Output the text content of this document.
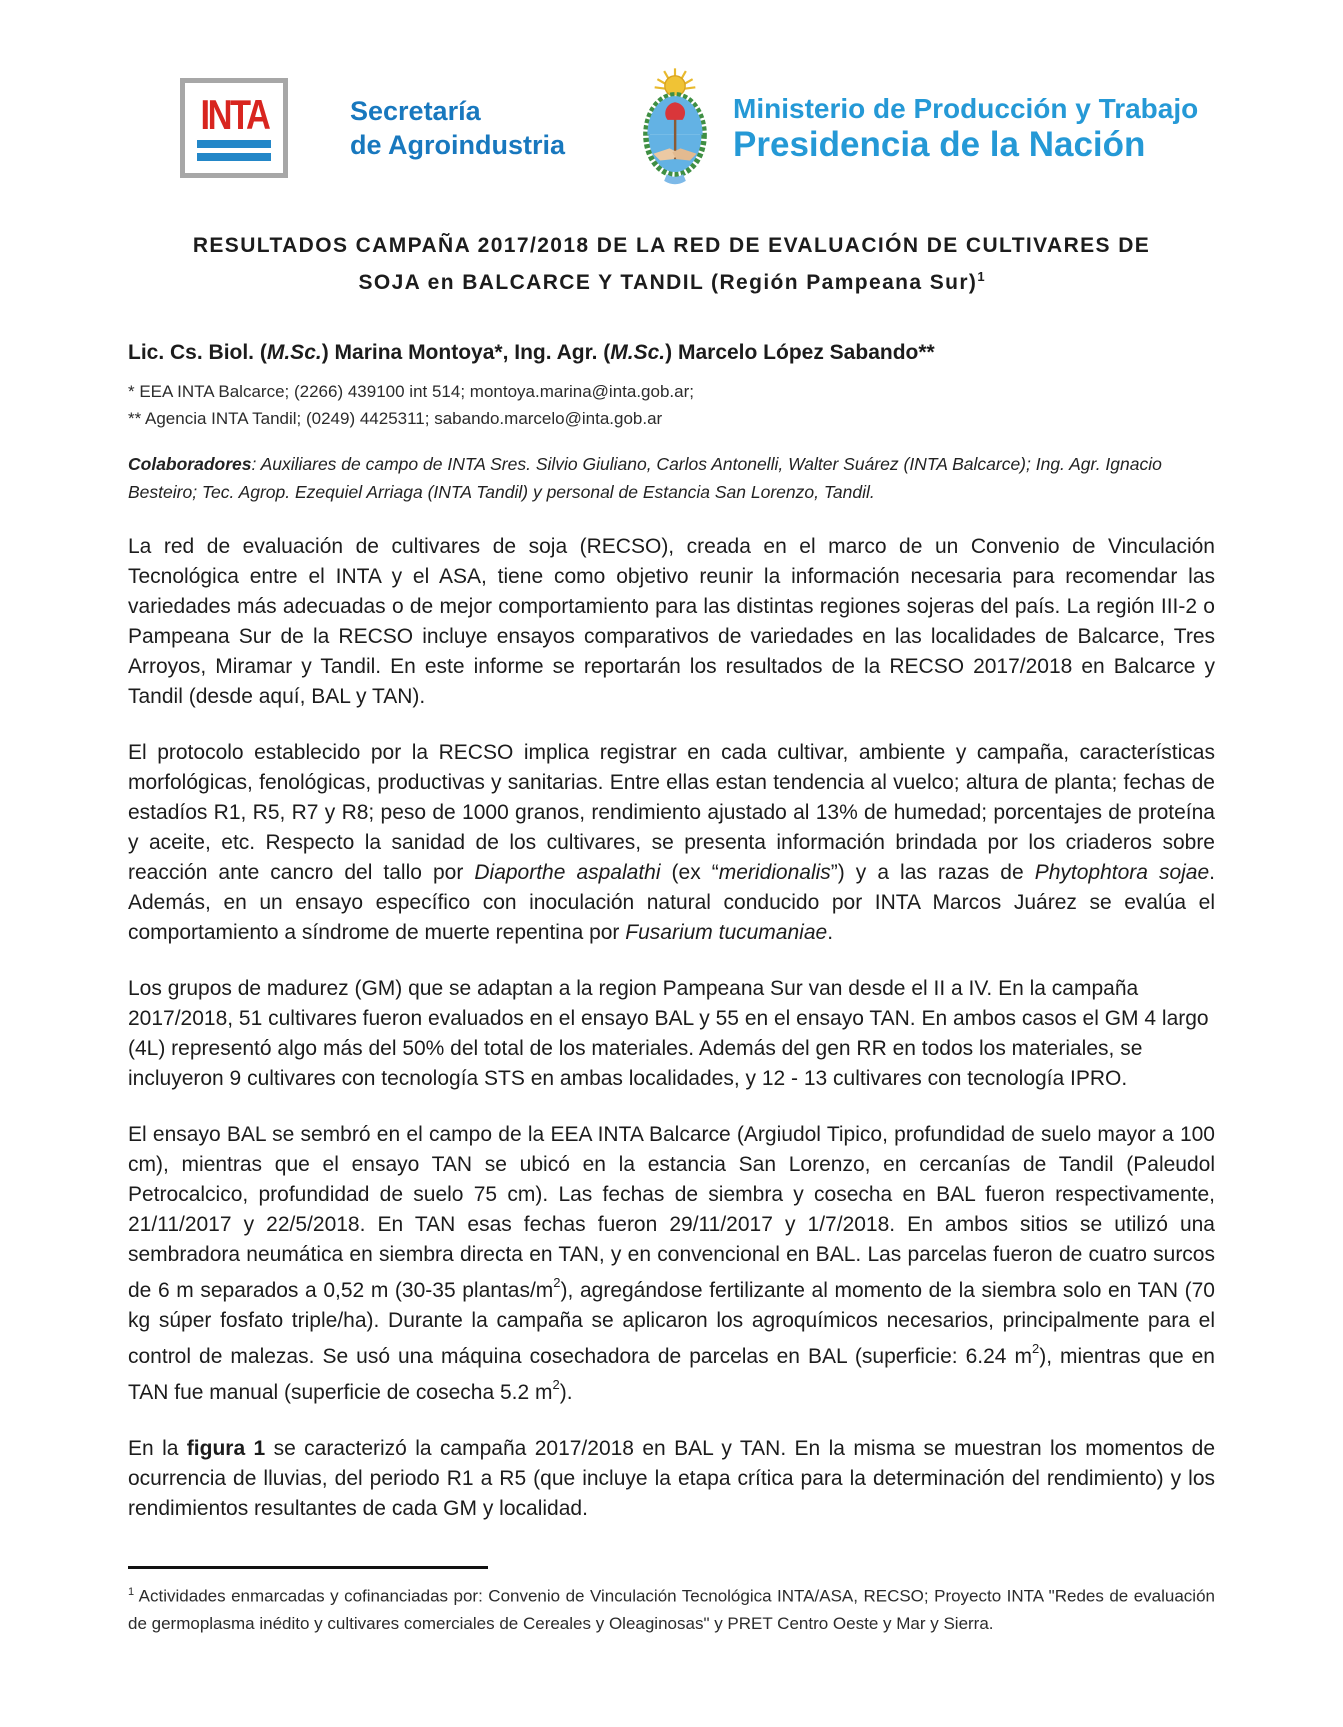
INTA	Secretaría
de Agroindustria
Ministerio de Producción y Trabajo
Presidencia de la Nación
RESULTADOS CAMPAÑA 2017/2018 DE LA RED DE EVALUACIÓN DE CULTIVARES DE
SOJA en BALCARCE Y TANDIL (Región Pampeana Sur)$^1$

Lic. Cs. Biol. (M.Sc.) Marina Montoya*, Ing. Agr. (M.Sc.) Marcelo López Sabando**

* EEA INTA Balcarce; (2266) 439100 int 514; montoya.marina@inta.gob.ar;
** Agencia INTA Tandil; (0249) 4425311; sabando.marcelo@inta.gob.ar

Colaboradores: Auxiliares de campo de INTA Sres. Silvio Giuliano, Carlos Antonelli, Walter Suárez (INTA Balcarce); Ing. Agr. Ignacio Besteiro; Tec. Agrop. Ezequiel Arriaga (INTA Tandil) y personal de Estancia San Lorenzo, Tandil.

La red de evaluación de cultivares de soja (RECSO), creada en el marco de un Convenio de Vinculación Tecnológica entre el INTA y el ASA, tiene como objetivo reunir la información necesaria para recomendar las variedades más adecuadas o de mejor comportamiento para las distintas regiones sojeras del país. La región III-2 o Pampeana Sur de la RECSO incluye ensayos comparativos de variedades en las localidades de Balcarce, Tres Arroyos, Miramar y Tandil. En este informe se reportarán los resultados de la RECSO 2017/2018 en Balcarce y Tandil (desde aquí, BAL y TAN).

El protocolo establecido por la RECSO implica registrar en cada cultivar, ambiente y campaña, características morfológicas, fenológicas, productivas y sanitarias. Entre ellas estan tendencia al vuelco; altura de planta; fechas de estadíos R1, R5, R7 y R8; peso de 1000 granos, rendimiento ajustado al 13% de humedad; porcentajes de proteína y aceite, etc. Respecto la sanidad de los cultivares, se presenta información brindada por los criaderos sobre reacción ante cancro del tallo por Diaporthe aspalathi (ex “meridionalis”) y a las razas de Phytophtora sojae. Además, en un ensayo específico con inoculación natural conducido por INTA Marcos Juárez se evalúa el comportamiento a síndrome de muerte repentina por Fusarium tucumaniae.

Los grupos de madurez (GM) que se adaptan a la region Pampeana Sur van desde el II a IV. En la campaña 2017/2018, 51 cultivares fueron evaluados en el ensayo BAL y 55 en el ensayo TAN. En ambos casos el GM 4 largo (4L) representó algo más del 50% del total de los materiales. Además del gen RR en todos los materiales, se incluyeron 9 cultivares con tecnología STS en ambas localidades, y 12 - 13 cultivares con tecnología IPRO.

El ensayo BAL se sembró en el campo de la EEA INTA Balcarce (Argiudol Tipico, profundidad de suelo mayor a 100 cm), mientras que el ensayo TAN se ubicó en la estancia San Lorenzo, en cercanías de Tandil (Paleudol Petrocalcico, profundidad de suelo 75 cm). Las fechas de siembra y cosecha en BAL fueron respectivamente, 21/11/2017 y 22/5/2018. En TAN esas fechas fueron 29/11/2017 y 1/7/2018. En ambos sitios se utilizó una sembradora neumática en siembra directa en TAN, y en convencional en BAL. Las parcelas fueron de cuatro surcos de 6 m separados a 0,52 m (30-35 plantas/$m^2$), agregándose fertilizante al momento de la siembra solo en TAN (70 kg súper fosfato triple/ha). Durante la campaña se aplicaron los agroquímicos necesarios, principalmente para el control de malezas. Se usó una máquina cosechadora de parcelas en BAL (superficie: 6.24 $m^2$), mientras que en TAN fue manual (superficie de cosecha 5.2 $m^2$).

En la figura 1 se caracterizó la campaña 2017/2018 en BAL y TAN. En la misma se muestran los momentos de ocurrencia de lluvias, del periodo R1 a R5 (que incluye la etapa crítica para la determinación del rendimiento) y los rendimientos resultantes de cada GM y localidad.

$^1$ Actividades enmarcadas y cofinanciadas por: Convenio de Vinculación Tecnológica INTA/ASA, RECSO; Proyecto INTA "Redes de evaluación de germoplasma inédito y cultivares comerciales de Cereales y Oleaginosas" y PRET Centro Oeste y Mar y Sierra.
